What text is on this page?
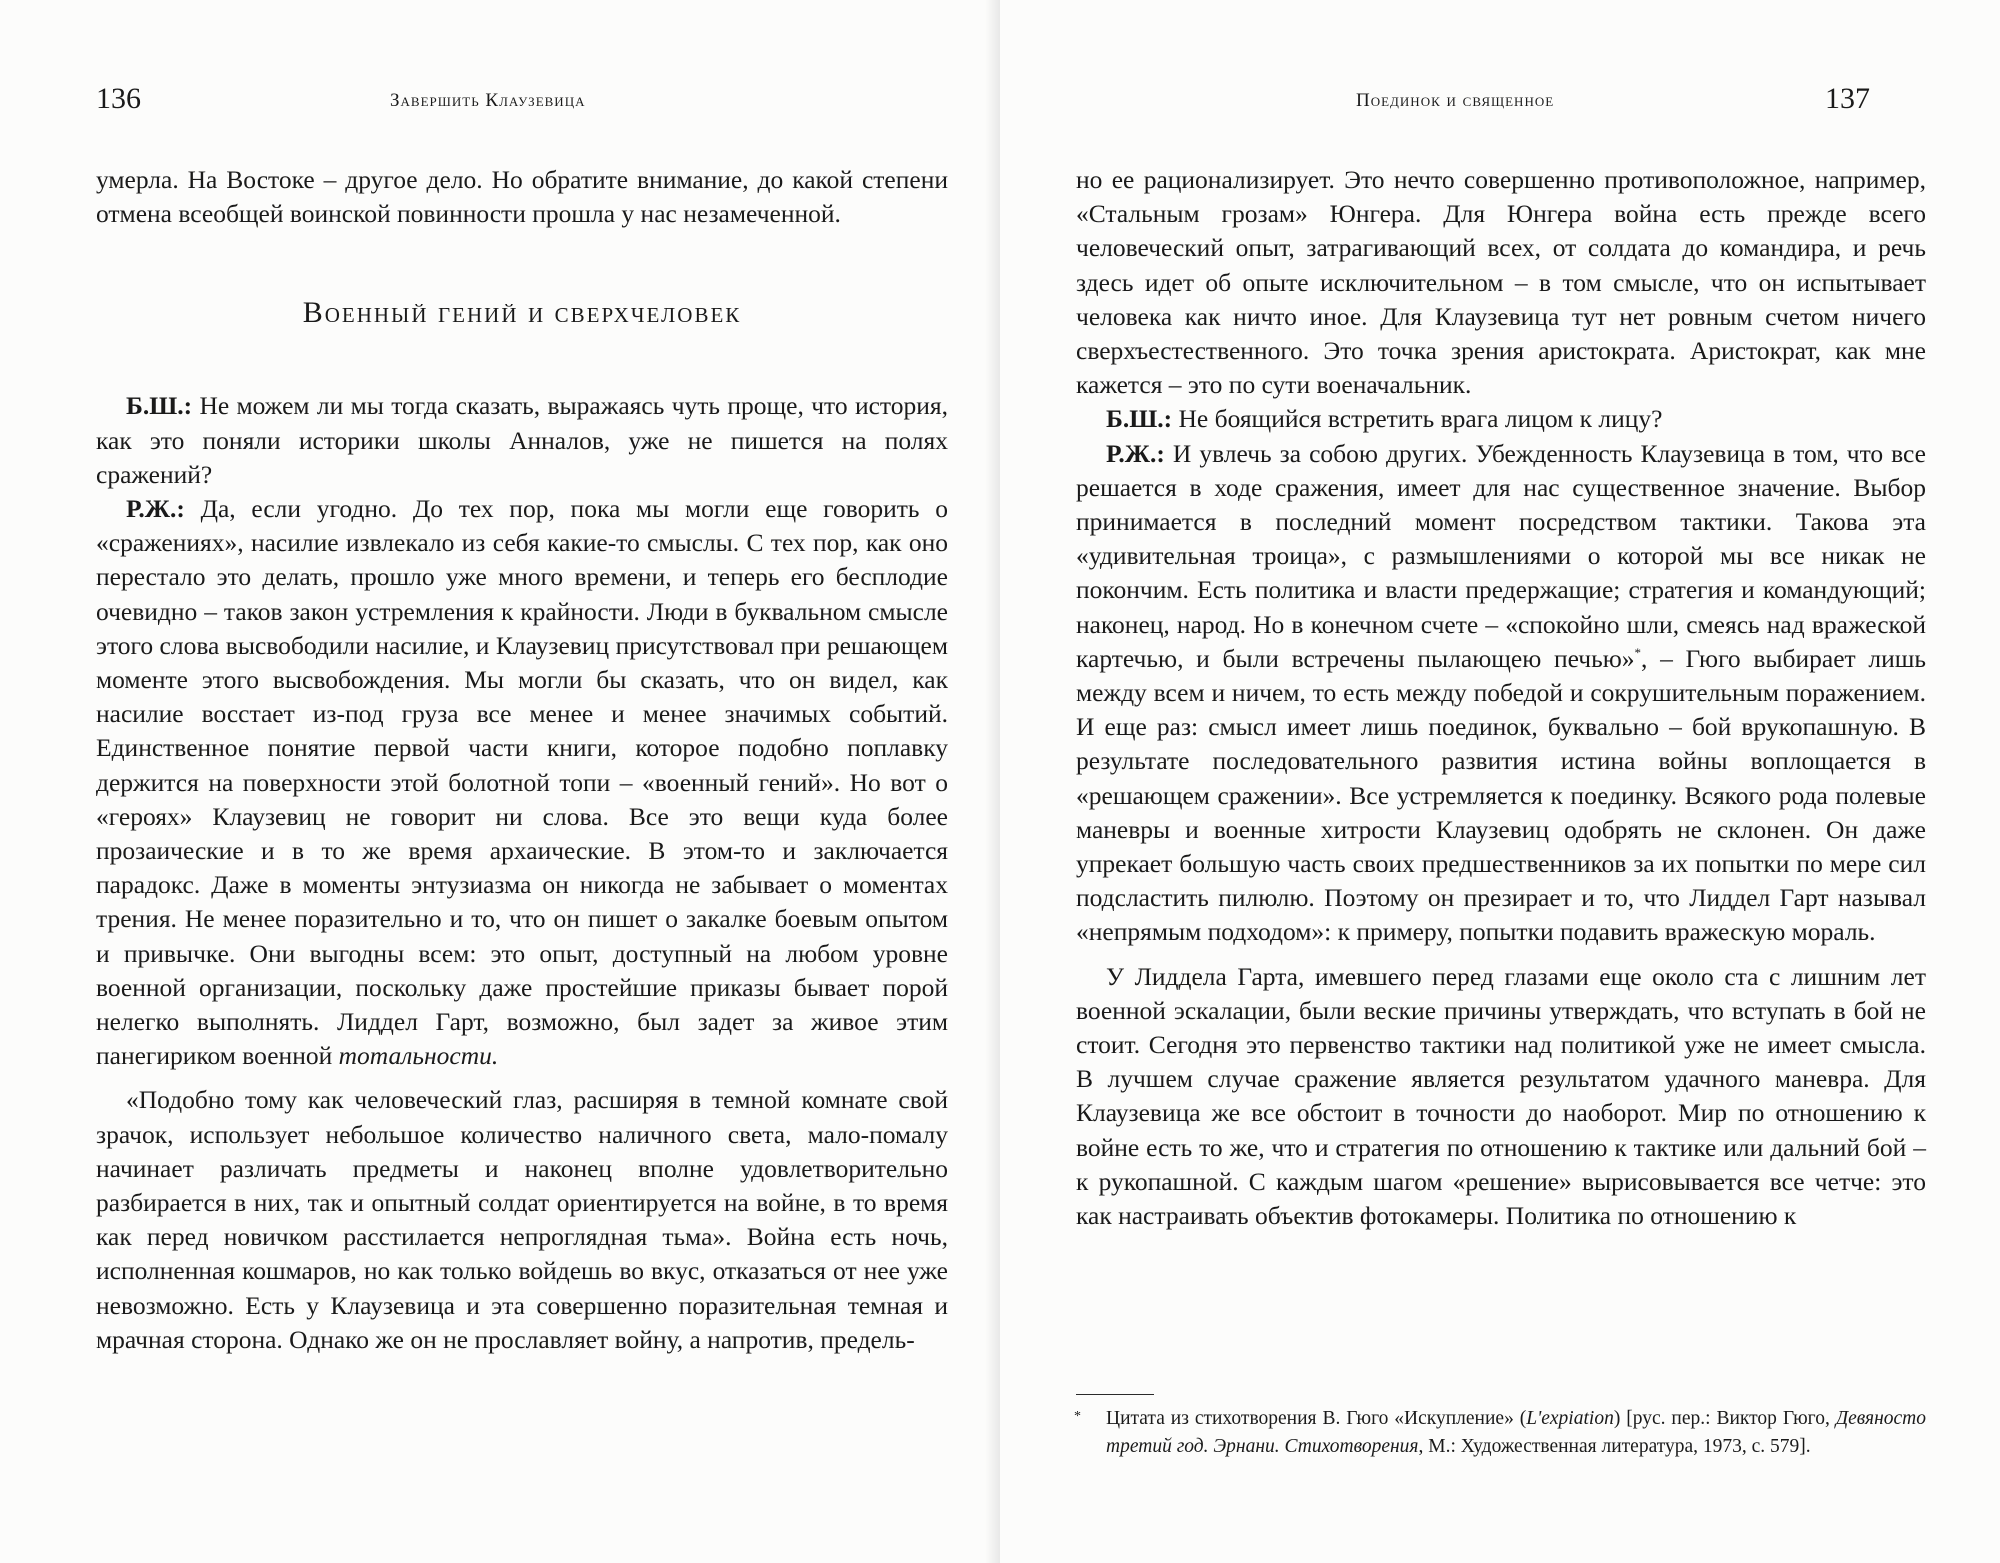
136	Завершить Клаузевица

умерла. На Востоке – другое дело. Но обратите внимание, до какой степени отмена всеобщей воинской повинности прошла у нас незамеченной.

Военный гений и сверхчеловек

Б.Ш.: Не можем ли мы тогда сказать, выражаясь чуть проще, что история, как это поняли историки школы Анналов, уже не пишется на полях сражений?

Р.Ж.: Да, если угодно. До тех пор, пока мы могли еще говорить о «сражениях», насилие извлекало из себя какие-то смыслы. С тех пор, как оно перестало это делать, прошло уже много времени, и теперь его бесплодие очевидно – таков закон устремления к крайности. Люди в буквальном смысле этого слова высвободили насилие, и Клаузевиц присутствовал при решающем моменте этого высвобождения. Мы могли бы сказать, что он видел, как насилие восстает из-под груза все менее и менее значимых событий. Единственное понятие первой части книги, которое подобно поплавку держится на поверхности этой болотной топи – «военный гений». Но вот о «героях» Клаузевиц не говорит ни слова. Все это вещи куда более прозаические и в то же время архаические. В этом-то и заключается парадокс. Даже в моменты энтузиазма он никогда не забывает о моментах трения. Не менее поразительно и то, что он пишет о закалке боевым опытом и привычке. Они выгодны всем: это опыт, доступный на любом уровне военной организации, поскольку даже простейшие приказы бывает порой нелегко выполнять. Лиддел Гарт, возможно, был задет за живое этим панегириком военной тотальности.

«Подобно тому как человеческий глаз, расширяя в темной комнате свой зрачок, использует небольшое количество наличного света, мало-помалу начинает различать предметы и наконец вполне удовлетворительно разбирается в них, так и опытный солдат ориентируется на войне, в то время как перед новичком расстилается непроглядная тьма». Война есть ночь, исполненная кошмаров, но как только войдешь во вкус, отказаться от нее уже невозможно. Есть у Клаузевица и эта совершенно поразительная темная и мрачная сторона. Однако же он не прославляет войну, а напротив, предель-

Поединок и священное	137

но ее рационализирует. Это нечто совершенно противоположное, например, «Стальным грозам» Юнгера. Для Юнгера война есть прежде всего человеческий опыт, затрагивающий всех, от солдата до командира, и речь здесь идет об опыте исключительном – в том смысле, что он испытывает человека как ничто иное. Для Клаузевица тут нет ровным счетом ничего сверхъестественного. Это точка зрения аристократа. Аристократ, как мне кажется – это по сути военачальник.

Б.Ш.: Не боящийся встретить врага лицом к лицу?

Р.Ж.: И увлечь за собою других. Убежденность Клаузевица в том, что все решается в ходе сражения, имеет для нас существенное значение. Выбор принимается в последний момент посредством тактики. Такова эта «удивительная троица», с размышлениями о которой мы все никак не покончим. Есть политика и власти предержащие; стратегия и командующий; наконец, народ. Но в конечном счете – «спокойно шли, смеясь над вражеской картечью, и были встречены пылающею печью»*, – Гюго выбирает лишь между всем и ничем, то есть между победой и сокрушительным поражением. И еще раз: смысл имеет лишь поединок, буквально – бой врукопашную. В результате последовательного развития истина войны воплощается в «решающем сражении». Все устремляется к поединку. Всякого рода полевые маневры и военные хитрости Клаузевиц одобрять не склонен. Он даже упрекает большую часть своих предшественников за их попытки по мере сил подсластить пилюлю. Поэтому он презирает и то, что Лиддел Гарт называл «непрямым подходом»: к примеру, попытки подавить вражескую мораль.

У Лиддела Гарта, имевшего перед глазами еще около ста с лишним лет военной эскалации, были веские причины утверждать, что вступать в бой не стоит. Сегодня это первенство тактики над политикой уже не имеет смысла. В лучшем случае сражение является результатом удачного маневра. Для Клаузевица же все обстоит в точности до наоборот. Мир по отношению к войне есть то же, что и стратегия по отношению к тактике или дальний бой – к рукопашной. С каждым шагом «решение» вырисовывается все четче: это как настраивать объектив фотокамеры. Политика по отношению к

* Цитата из стихотворения В. Гюго «Искупление» (L'expiation) [рус. пер.: Виктор Гюго, Девяносто третий год. Эрнани. Стихотворения, М.: Художественная литература, 1973, с. 579].
